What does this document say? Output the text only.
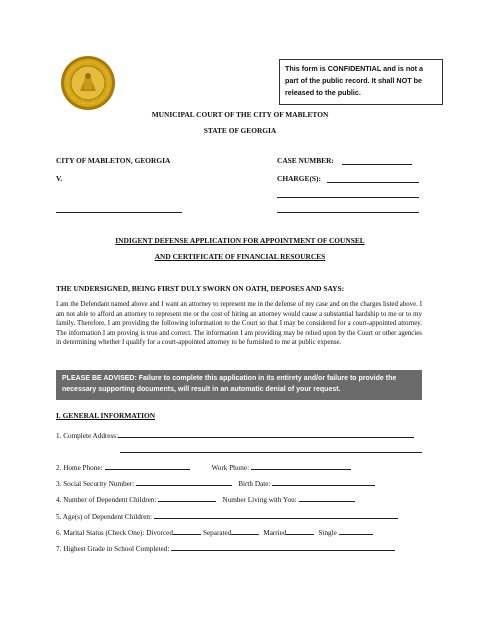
This form is CONFIDENTIAL and is not a part of the public record. It shall NOT be released to the public.
MUNICIPAL COURT OF THE CITY OF MABLETON
STATE OF GEORGIA
CITY OF MABLETON, GEORGIA	CASE NUMBER:
V.	CHARGE(S):
INDIGENT DEFENSE APPLICATION FOR APPOINTMENT OF COUNSEL
AND CERTIFICATE OF FINANCIAL RESOURCES
THE UNDERSIGNED, BEING FIRST DULY SWORN ON OATH, DEPOSES AND SAYS:
I am the Defendant named above and I want an attorney to represent me in the defense of my case and on the charges listed above. I am not able to afford an attorney to represent me or the cost of hiring an attorney would cause a substantial hardship to me or to my family. Therefore, I am providing the following information to the Court so that I may be considered for a court-appointed attorney. The information I am proving is true and correct. The information I am providing may be relied upon by the Court or other agencies in determining whether I qualify for a court-appointed attorney to be furnished to me at public expense.
PLEASE BE ADVISED: Failure to complete this application in its entirety and/or failure to provide the necessary supporting documents, will result in an automatic denial of your request.
I. GENERAL INFORMATION
1. Complete Address:
2. Home Phone:	Work Phone:
3. Social Security Number:	Birth Date:
4. Number of Dependent Children:	Number Living with You:
5. Age(s) of Dependent Children:
6. Marital Status (Check One): Divorced	Separated	Married	Single
7. Highest Grade in School Completed:
